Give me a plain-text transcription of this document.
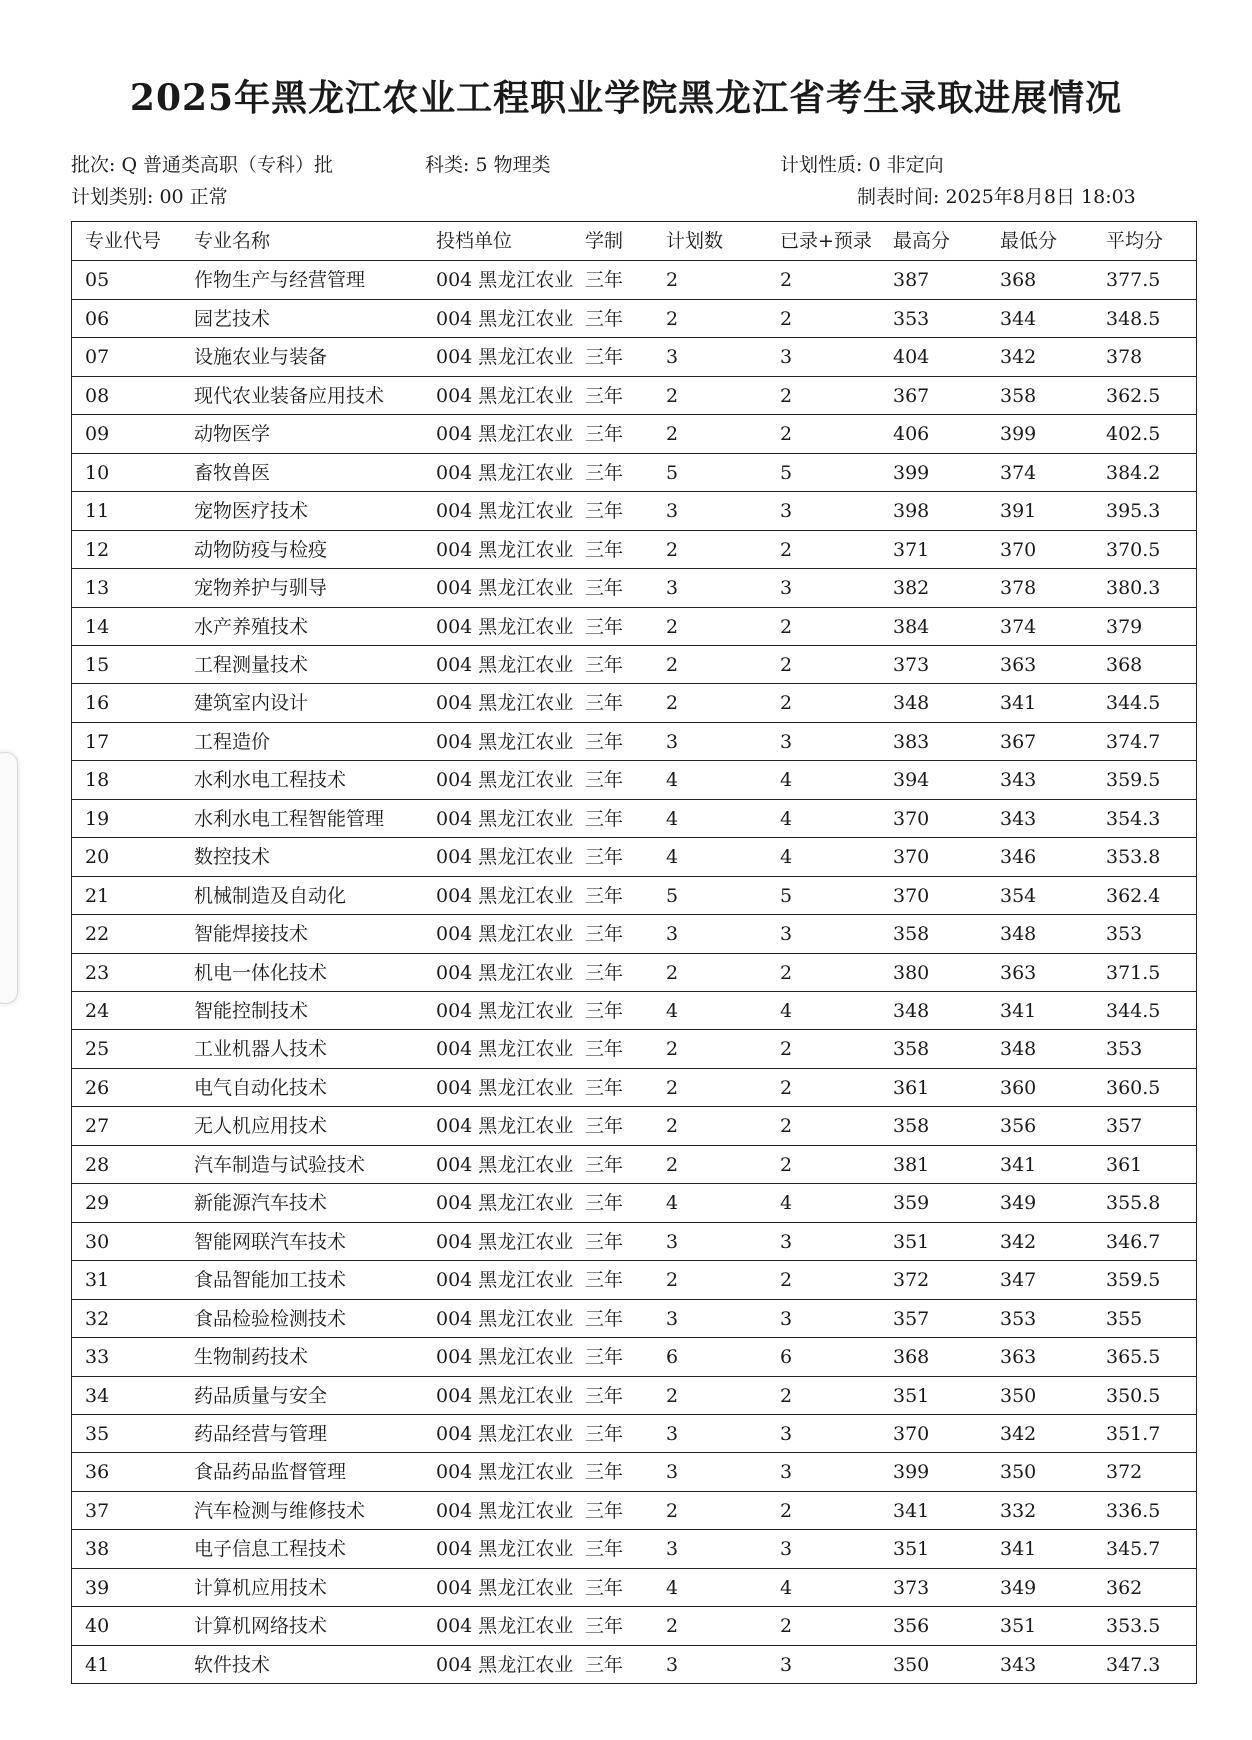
2025年黑龙江农业工程职业学院黑龙江省考生录取进展情况
批次: Q 普通类高职（专科）批	科类: 5 物理类	计划性质: 0 非定向
计划类别: 00 正常	制表时间: 2025年8月8日 18:03
专业代号	专业名称	投档单位	学制	计划数	已录+预录	最高分	最低分	平均分
05	作物生产与经营管理	004 黑龙江农业 三年	2	2	387	368	377.5
06	园艺技术	004 黑龙江农业 三年	2	2	353	344	348.5
07	设施农业与装备	004 黑龙江农业 三年	3	3	404	342	378
08	现代农业装备应用技术	004 黑龙江农业 三年	2	2	367	358	362.5
09	动物医学	004 黑龙江农业 三年	2	2	406	399	402.5
10	畜牧兽医	004 黑龙江农业 三年	5	5	399	374	384.2
11	宠物医疗技术	004 黑龙江农业 三年	3	3	398	391	395.3
12	动物防疫与检疫	004 黑龙江农业 三年	2	2	371	370	370.5
13	宠物养护与驯导	004 黑龙江农业 三年	3	3	382	378	380.3
14	水产养殖技术	004 黑龙江农业 三年	2	2	384	374	379
15	工程测量技术	004 黑龙江农业 三年	2	2	373	363	368
16	建筑室内设计	004 黑龙江农业 三年	2	2	348	341	344.5
17	工程造价	004 黑龙江农业 三年	3	3	383	367	374.7
18	水利水电工程技术	004 黑龙江农业 三年	4	4	394	343	359.5
19	水利水电工程智能管理	004 黑龙江农业 三年	4	4	370	343	354.3
20	数控技术	004 黑龙江农业 三年	4	4	370	346	353.8
21	机械制造及自动化	004 黑龙江农业 三年	5	5	370	354	362.4
22	智能焊接技术	004 黑龙江农业 三年	3	3	358	348	353
23	机电一体化技术	004 黑龙江农业 三年	2	2	380	363	371.5
24	智能控制技术	004 黑龙江农业 三年	4	4	348	341	344.5
25	工业机器人技术	004 黑龙江农业 三年	2	2	358	348	353
26	电气自动化技术	004 黑龙江农业 三年	2	2	361	360	360.5
27	无人机应用技术	004 黑龙江农业 三年	2	2	358	356	357
28	汽车制造与试验技术	004 黑龙江农业 三年	2	2	381	341	361
29	新能源汽车技术	004 黑龙江农业 三年	4	4	359	349	355.8
30	智能网联汽车技术	004 黑龙江农业 三年	3	3	351	342	346.7
31	食品智能加工技术	004 黑龙江农业 三年	2	2	372	347	359.5
32	食品检验检测技术	004 黑龙江农业 三年	3	3	357	353	355
33	生物制药技术	004 黑龙江农业 三年	6	6	368	363	365.5
34	药品质量与安全	004 黑龙江农业 三年	2	2	351	350	350.5
35	药品经营与管理	004 黑龙江农业 三年	3	3	370	342	351.7
36	食品药品监督管理	004 黑龙江农业 三年	3	3	399	350	372
37	汽车检测与维修技术	004 黑龙江农业 三年	2	2	341	332	336.5
38	电子信息工程技术	004 黑龙江农业 三年	3	3	351	341	345.7
39	计算机应用技术	004 黑龙江农业 三年	4	4	373	349	362
40	计算机网络技术	004 黑龙江农业 三年	2	2	356	351	353.5
41	软件技术	004 黑龙江农业 三年	3	3	350	343	347.3
